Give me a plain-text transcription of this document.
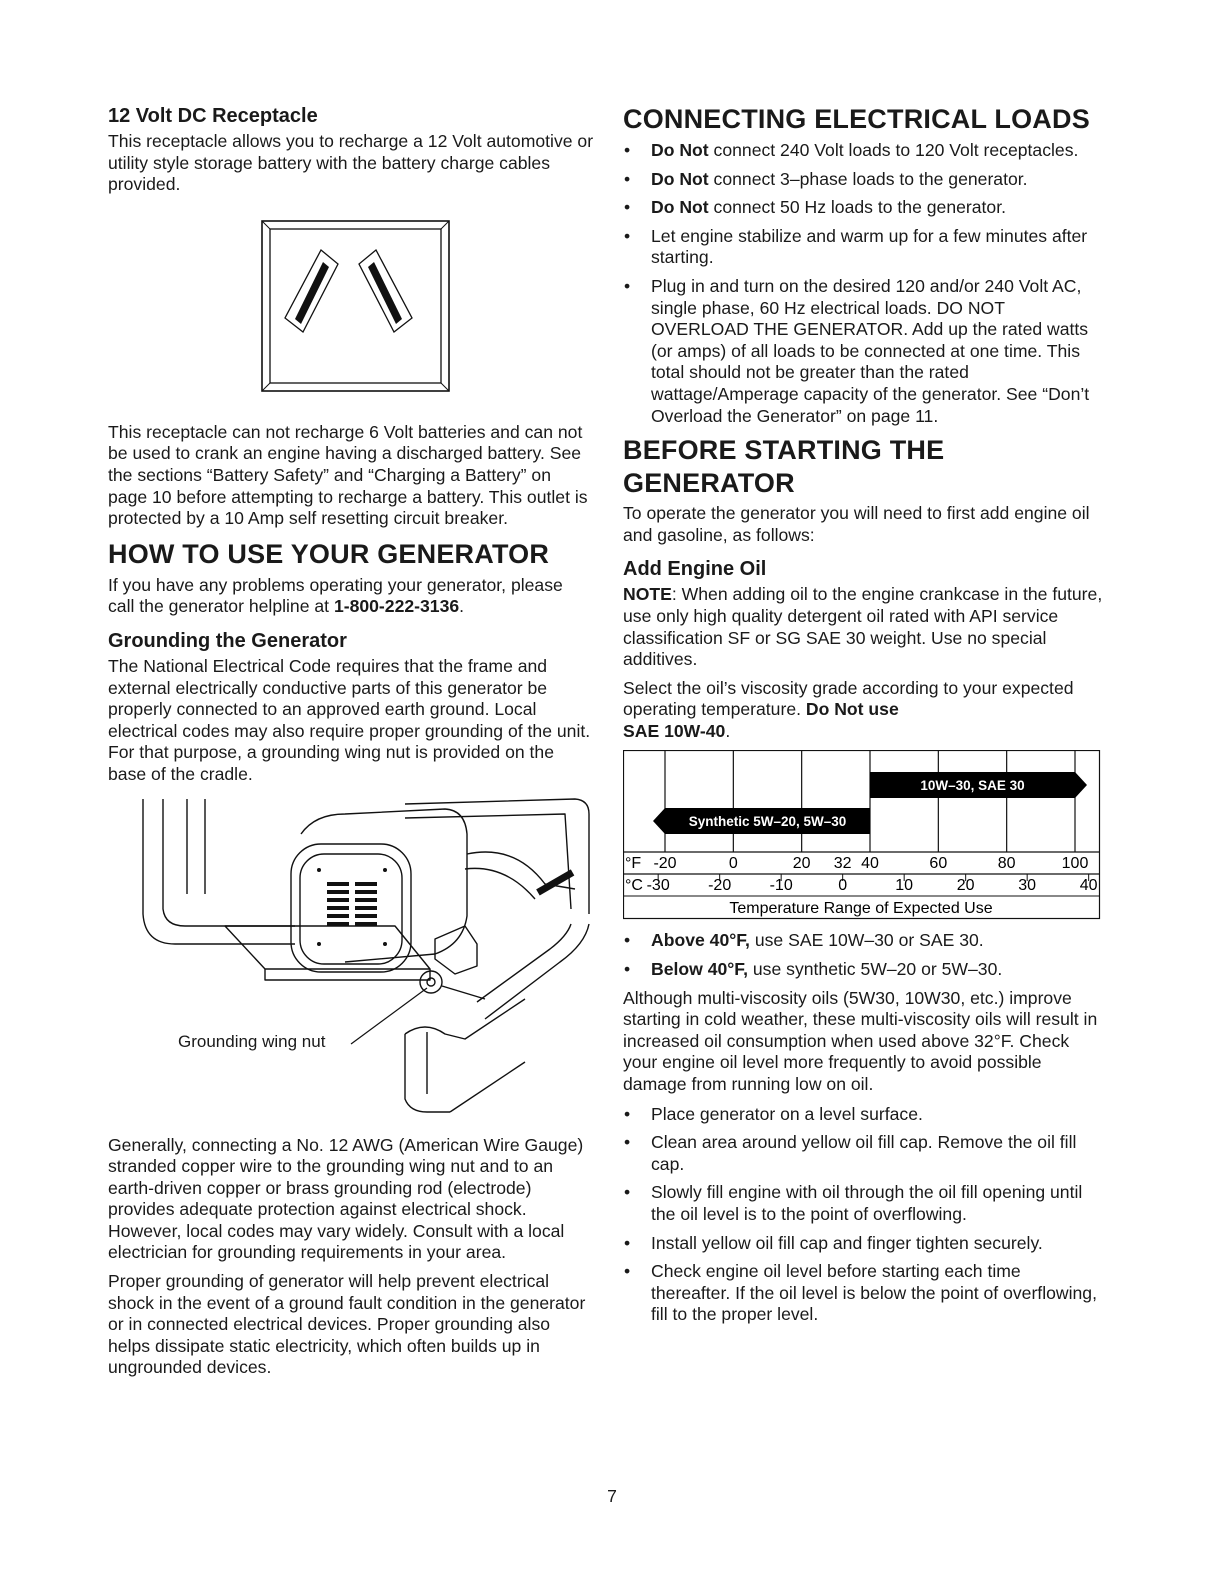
12 Volt DC Receptacle

This receptacle allows you to recharge a 12 Volt automotive or utility style storage battery with the battery charge cables provided.

This receptacle can not recharge 6 Volt batteries and can not be used to crank an engine having a discharged battery. See the sections “Battery Safety” and “Charging a Battery” on page 10 before attempting to recharge a battery. This outlet is protected by a 10 Amp self resetting circuit breaker.

HOW TO USE YOUR GENERATOR

If you have any problems operating your generator, please call the generator helpline at 1-800-222-3136.

Grounding the Generator

The National Electrical Code requires that the frame and external electrically conductive parts of this generator be properly connected to an approved earth ground. Local electrical codes may also require proper grounding of the unit. For that purpose, a grounding wing nut is provided on the base of the cradle.

Grounding wing nut

Generally, connecting a No. 12 AWG (American Wire Gauge) stranded copper wire to the grounding wing nut and to an earth-driven copper or brass grounding rod (electrode) provides adequate protection against electrical shock. However, local codes may vary widely. Consult with a local electrician for grounding requirements in your area.

Proper grounding of generator will help prevent electrical shock in the event of a ground fault condition in the generator or in connected electrical devices. Proper grounding also helps dissipate static electricity, which often builds up in ungrounded devices.

CONNECTING ELECTRICAL LOADS
• Do Not connect 240 Volt loads to 120 Volt receptacles.
• Do Not connect 3–phase loads to the generator.
• Do Not connect 50 Hz loads to the generator.
• Let engine stabilize and warm up for a few minutes after starting.
• Plug in and turn on the desired 120 and/or 240 Volt AC, single phase, 60 Hz electrical loads. DO NOT OVERLOAD THE GENERATOR. Add up the rated watts (or amps) of all loads to be connected at one time. This total should not be greater than the rated wattage/Amperage capacity of the generator. See “Don’t Overload the Generator” on page 11.
BEFORE STARTING THE
GENERATOR

To operate the generator you will need to first add engine oil and gasoline, as follows:

Add Engine Oil

NOTE: When adding oil to the engine crankcase in the future, use only high quality detergent oil rated with API service classification SF or SG SAE 30 weight. Use no special additives.

Select the oil’s viscosity grade according to your expected operating temperature. Do Not use
SAE 10W-40.

10W–30, SAE 30
Synthetic 5W–20, 5W–30
°F
°C
-20	0	20 32 40	60	80	100
-30 -20 -10	0	10	20	30	40
Temperature Range of Expected Use
• Above 40°F, use SAE 10W–30 or SAE 30.
• Below 40°F, use synthetic 5W–20 or 5W–30.

Although multi-viscosity oils (5W30, 10W30, etc.) improve starting in cold weather, these multi-viscosity oils will result in increased oil consumption when used above 32°F. Check your engine oil level more frequently to avoid possible damage from running low on oil.

• Place generator on a level surface.
• Clean area around yellow oil fill cap. Remove the oil fill cap.
• Slowly fill engine with oil through the oil fill opening until the oil level is to the point of overflowing.
• Install yellow oil fill cap and finger tighten securely.
• Check engine oil level before starting each time thereafter. If the oil level is below the point of overflowing, fill to the proper level.
7
